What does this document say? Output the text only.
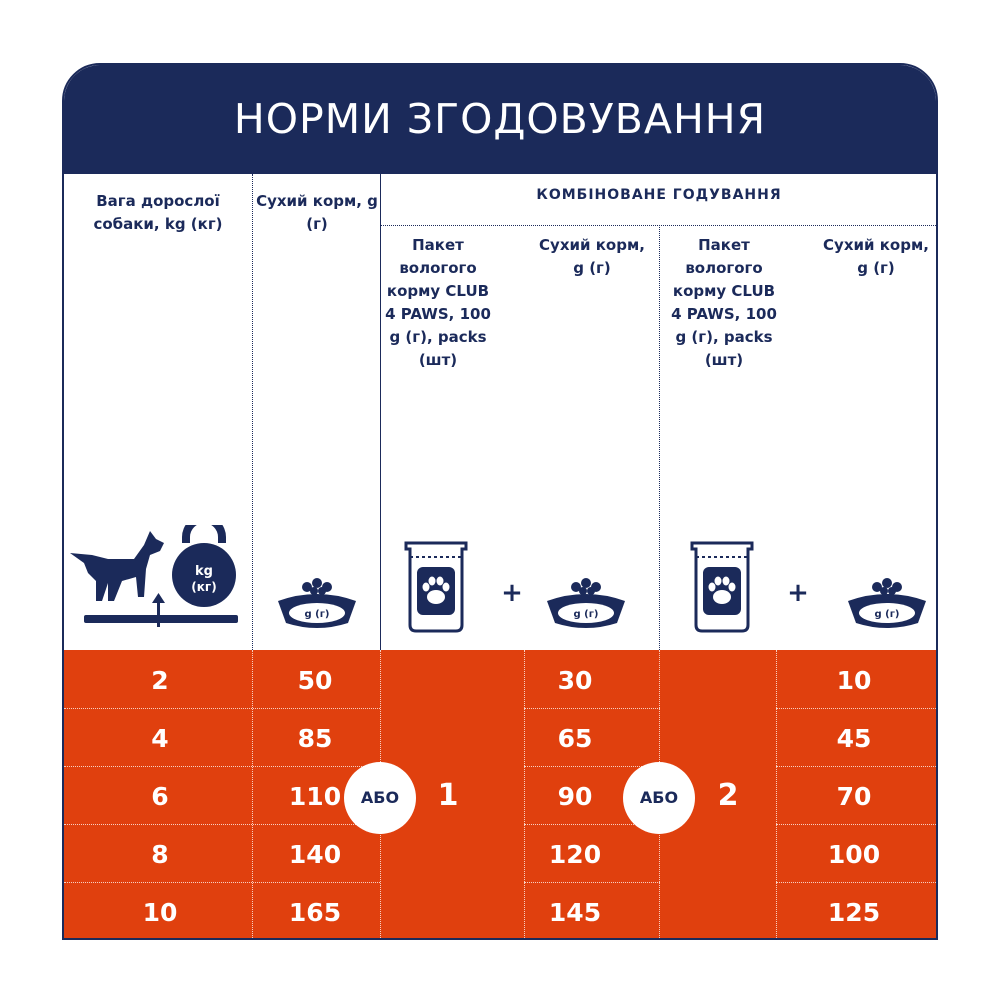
НОРМИ ЗГОДОВУВАННЯ
Вага дорослої собаки, kg (кг)
Сухий корм, g (г)
КОМБІНОВАНЕ ГОДУВАННЯ
Пакет вологого корму CLUB 4 PAWS, 100 g (г), packs (шт)
Сухий корм, g (г)
Пакет вологого корму CLUB 4 PAWS, 100 g (г), packs (шт)
Сухий корм, g (г)
kg
(кг)
g (г)	g (г)	g (г)
+	+
2	50	30	10
4	85	65	45
6	110	90	70
8	140	120	100
10	165	145	125
1	2
АБО	АБО
